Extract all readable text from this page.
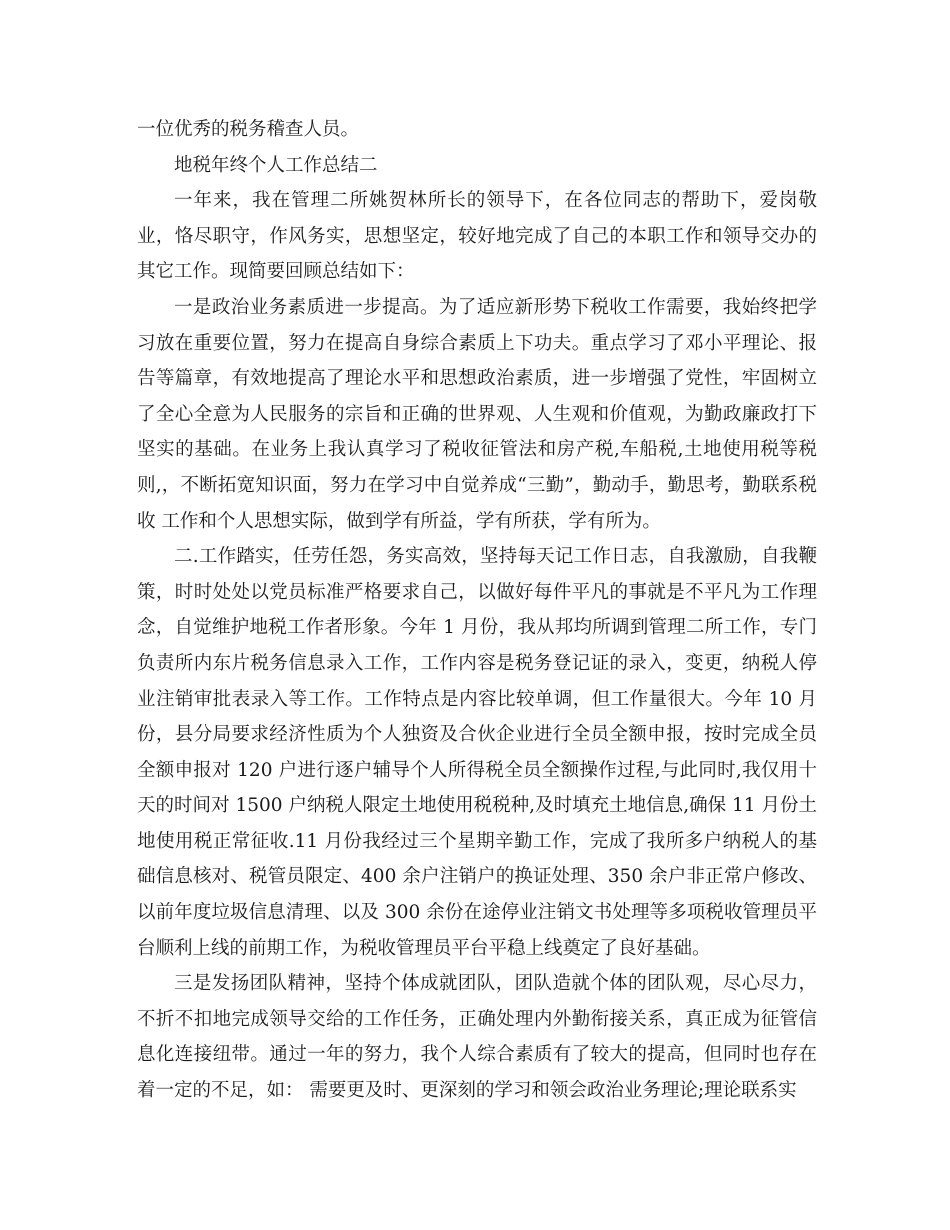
一位优秀的税务稽查人员。

地税年终个人工作总结二

一年来，我在管理二所姚贺林所长的领导下，在各位同志的帮助下，爱岗敬业，恪尽职守，作风务实，思想坚定，较好地完成了自己的本职工作和领导交办的其它工作。现简要回顾总结如下：

一是政治业务素质进一步提高。为了适应新形势下税收工作需要，我始终把学习放在重要位置，努力在提高自身综合素质上下功夫。重点学习了邓小平理论、报告等篇章，有效地提高了理论水平和思想政治素质，进一步增强了党性，牢固树立了全心全意为人民服务的宗旨和正确的世界观、人生观和价值观，为勤政廉政打下坚实的基础。在业务上我认真学习了税收征管法和房产税,车船税,土地使用税等税则,，不断拓宽知识面，努力在学习中自觉养成“三勤”，勤动手，勤思考，勤联系税收 工作和个人思想实际，做到学有所益，学有所获，学有所为。

二.工作踏实，任劳任怨，务实高效，坚持每天记工作日志，自我激励，自我鞭策，时时处处以党员标准严格要求自己，以做好每件平凡的事就是不平凡为工作理念，自觉维护地税工作者形象。今年 1 月份，我从邦均所调到管理二所工作，专门负责所内东片税务信息录入工作，工作内容是税务登记证的录入，变更，纳税人停业注销审批表录入等工作。工作特点是内容比较单调，但工作量很大。今年 10 月份，县分局要求经济性质为个人独资及合伙企业进行全员全额申报，按时完成全员全额申报对 120 户进行逐户辅导个人所得税全员全额操作过程,与此同时,我仅用十天的时间对 1500 户纳税人限定土地使用税税种,及时填充土地信息,确保 11 月份土地使用税正常征收.11 月份我经过三个星期辛勤工作，完成了我所多户纳税人的基础信息核对、税管员限定、400 余户注销户的换证处理、350 余户非正常户修改、以前年度垃圾信息清理、以及 300 余份在途停业注销文书处理等多项税收管理员平台顺利上线的前期工作，为税收管理员平台平稳上线奠定了良好基础。

三是发扬团队精神，坚持个体成就团队，团队造就个体的团队观，尽心尽力，不折不扣地完成领导交给的工作任务，正确处理内外勤衔接关系，真正成为征管信息化连接纽带。通过一年的努力，我个人综合素质有了较大的提高，但同时也存在着一定的不足，如： 需要更及时、更深刻的学习和领会政治业务理论;理论联系实
